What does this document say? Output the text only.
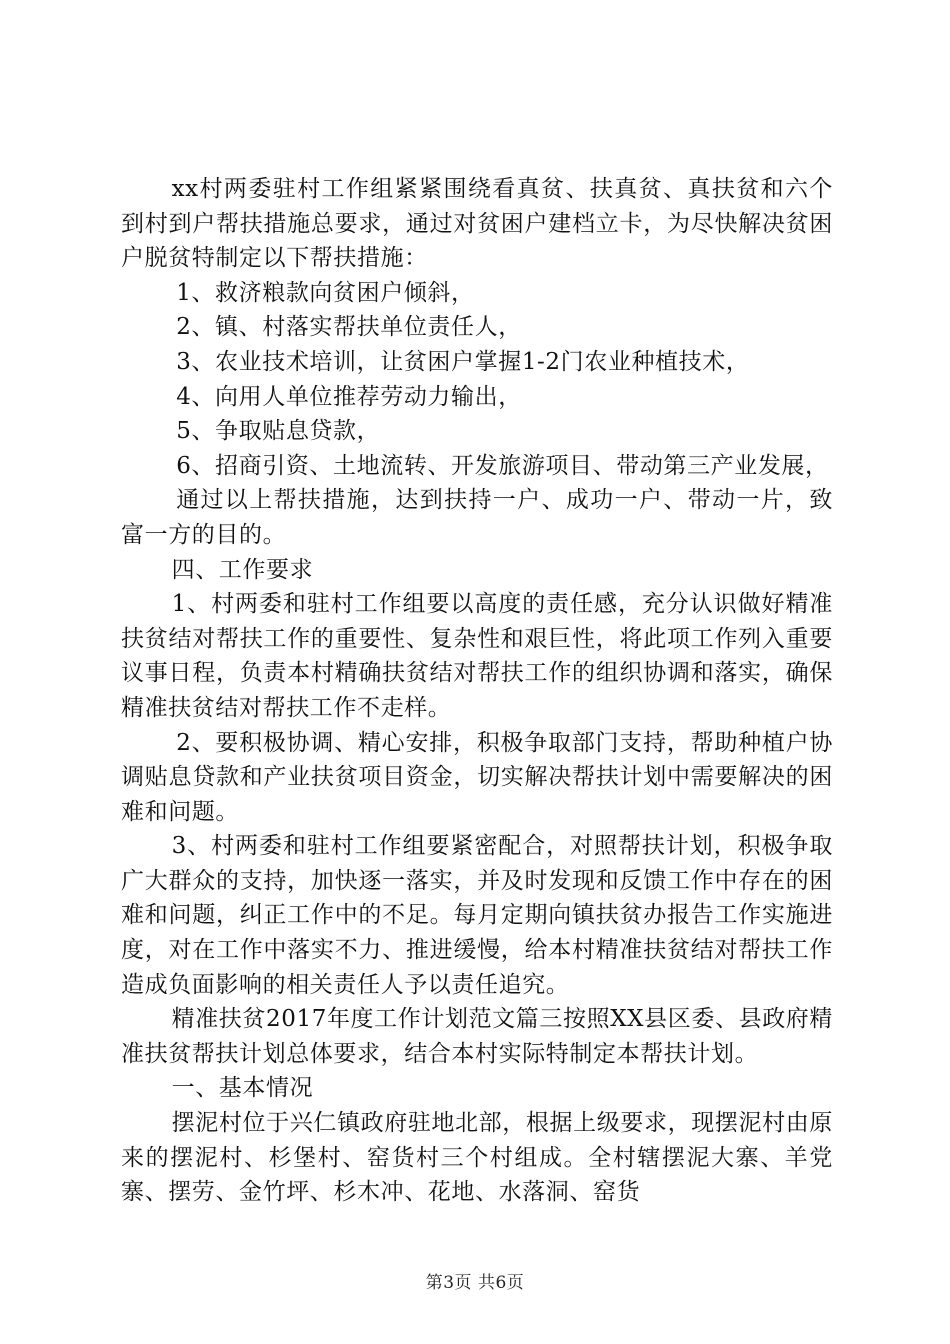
xx村两委驻村工作组紧紧围绕看真贫、扶真贫、真扶贫和六个到村到户帮扶措施总要求，通过对贫困户建档立卡，为尽快解决贫困户脱贫特制定以下帮扶措施：

1、救济粮款向贫困户倾斜，

2、镇、村落实帮扶单位责任人，

3、农业技术培训，让贫困户掌握1-2门农业种植技术，

4、向用人单位推荐劳动力输出，

5、争取贴息贷款，

6、招商引资、土地流转、开发旅游项目、带动第三产业发展，

通过以上帮扶措施，达到扶持一户、成功一户、带动一片，致富一方的目的。

四、工作要求

1、村两委和驻村工作组要以高度的责任感，充分认识做好精准扶贫结对帮扶工作的重要性、复杂性和艰巨性，将此项工作列入重要议事日程，负责本村精确扶贫结对帮扶工作的组织协调和落实，确保精准扶贫结对帮扶工作不走样。

2、要积极协调、精心安排，积极争取部门支持，帮助种植户协调贴息贷款和产业扶贫项目资金，切实解决帮扶计划中需要解决的困难和问题。

3、村两委和驻村工作组要紧密配合，对照帮扶计划，积极争取广大群众的支持，加快逐一落实，并及时发现和反馈工作中存在的困难和问题，纠正工作中的不足。每月定期向镇扶贫办报告工作实施进度，对在工作中落实不力、推进缓慢，给本村精准扶贫结对帮扶工作造成负面影响的相关责任人予以责任追究。

精准扶贫2017年度工作计划范文篇三按照XX县区委、县政府精准扶贫帮扶计划总体要求，结合本村实际特制定本帮扶计划。

一、基本情况

摆泥村位于兴仁镇政府驻地北部，根据上级要求，现摆泥村由原来的摆泥村、杉堡村、窑货村三个村组成。全村辖摆泥大寨、羊党寨、摆劳、金竹坪、杉木冲、花地、水落洞、窑货

第3页 共6页
